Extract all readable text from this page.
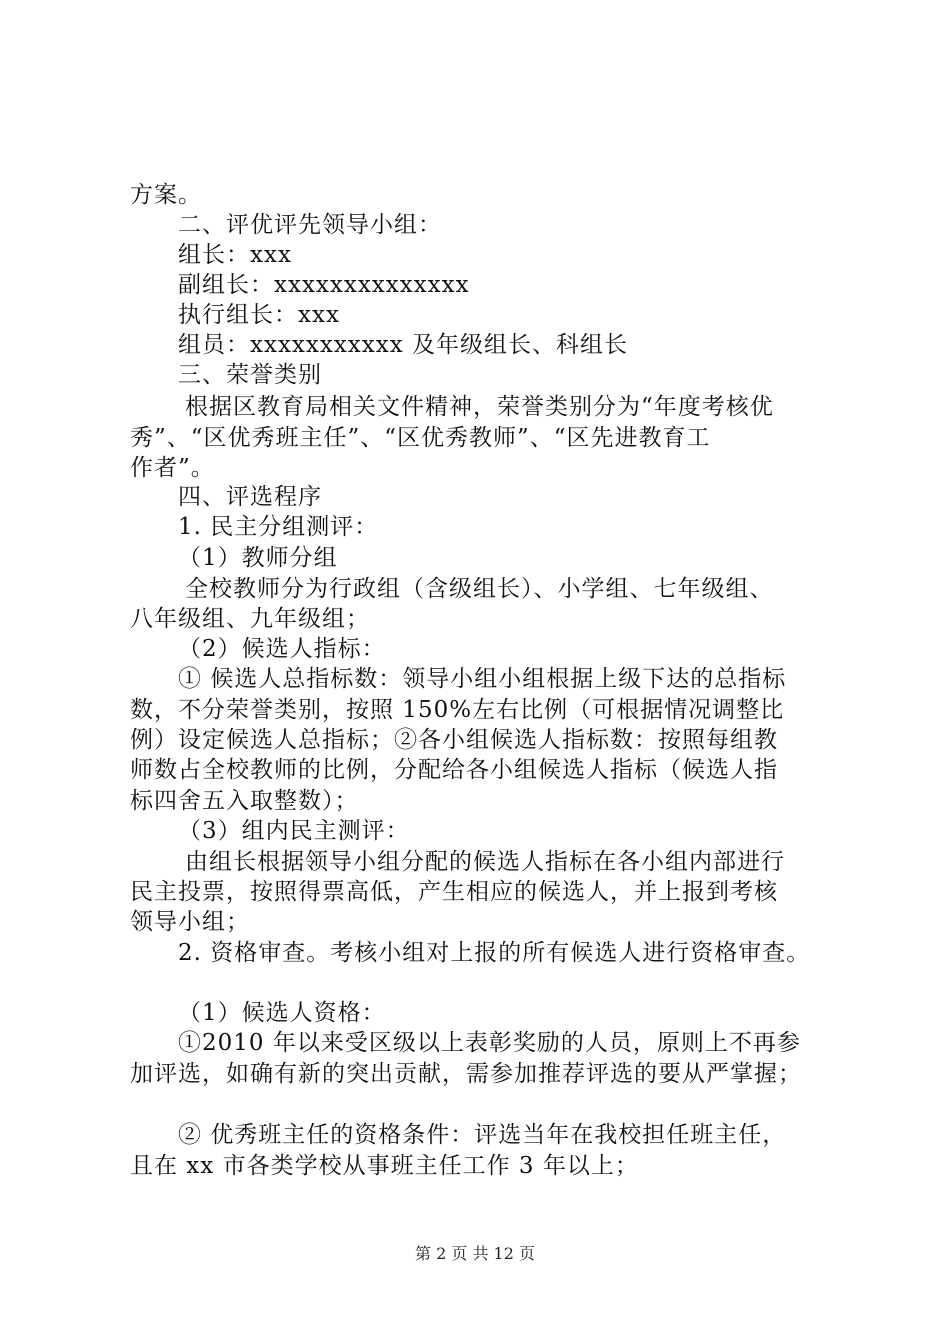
方案。
二、评优评先领导小组：
组长：xxx
副组长：xxxxxxxxxxxxxx
执行组长：xxx
组员：xxxxxxxxxxx 及年级组长、科组长
三、荣誉类别
根据区教育局相关文件精神，荣誉类别分为“年度考核优
秀”、“区优秀班主任”、“区优秀教师”、“区先进教育工
作者”。
四、评选程序
1. 民主分组测评：
（1）教师分组
全校教师分为行政组（含级组长）、小学组、七年级组、
八年级组、九年级组；
（2）候选人指标：
① 候选人总指标数：领导小组小组根据上级下达的总指标
数，不分荣誉类别，按照 150%左右比例（可根据情况调整比
例）设定候选人总指标；②各小组候选人指标数：按照每组教
师数占全校教师的比例，分配给各小组候选人指标（候选人指
标四舍五入取整数）；
（3）组内民主测评：
由组长根据领导小组分配的候选人指标在各小组内部进行
民主投票，按照得票高低，产生相应的候选人，并上报到考核
领导小组；
2. 资格审查。考核小组对上报的所有候选人进行资格审查。
（1）候选人资格：
①2010 年以来受区级以上表彰奖励的人员，原则上不再参
加评选，如确有新的突出贡献，需参加推荐评选的要从严掌握；
② 优秀班主任的资格条件：评选当年在我校担任班主任，
且在 xx 市各类学校从事班主任工作 3 年以上；
第 2 页 共 12 页
